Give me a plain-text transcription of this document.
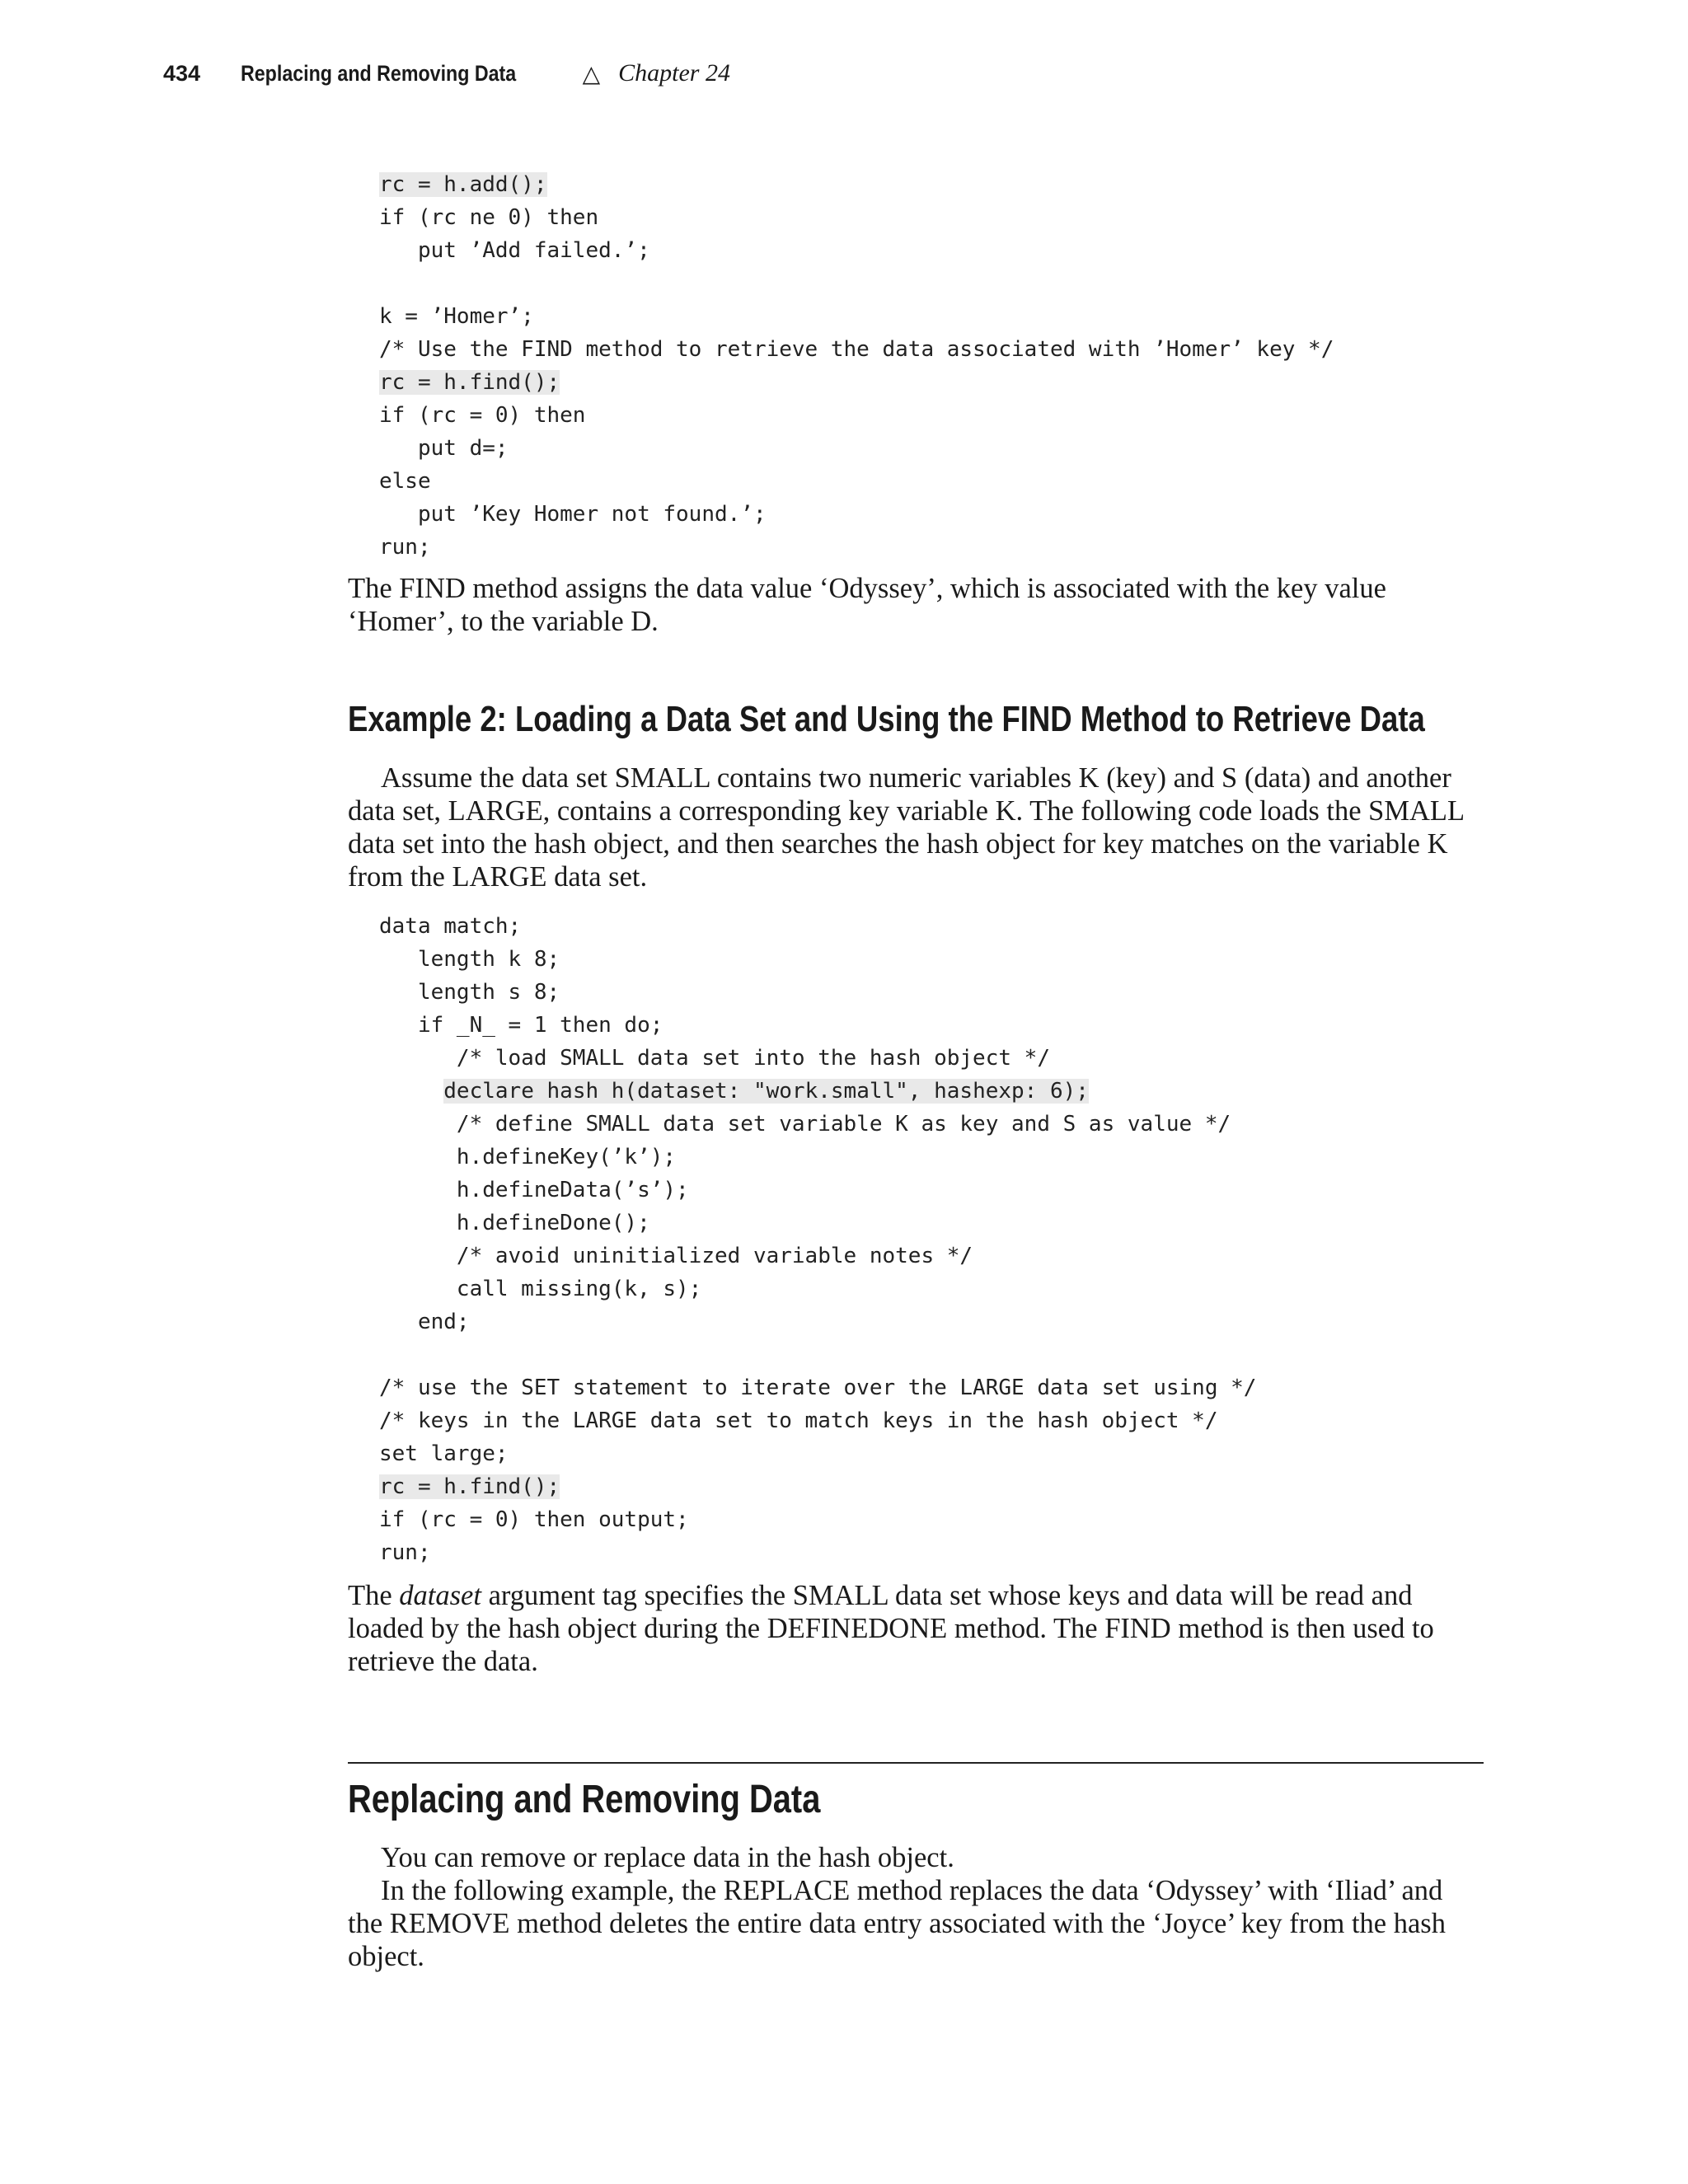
434	Replacing and Removing Data	△ Chapter 24
rc = h.add();
if (rc ne 0) then
put ’Add failed.’;
k = ’Homer’;
/* Use the FIND method to retrieve the data associated with ’Homer’ key */
rc = h.find();
if (rc = 0) then
put d=;
else
put ’Key Homer not found.’;
run;

The FIND method assigns the data value ‘Odyssey’, which is associated with the key value ‘Homer’, to the variable D.

Example 2: Loading a Data Set and Using the FIND Method to Retrieve Data

Assume the data set SMALL contains two numeric variables K (key) and S (data) and another data set, LARGE, contains a corresponding key variable K. The following code loads the SMALL data set into the hash object, and then searches the hash object for key matches on the variable K from the LARGE data set.

data match;
length k 8;
length s 8;
if _N_ = 1 then do;
/* load SMALL data set into the hash object */
declare hash h(dataset: "work.small", hashexp: 6);
/* define SMALL data set variable K as key and S as value */
h.defineKey(’k’);
h.defineData(’s’);
h.defineDone();
/* avoid uninitialized variable notes */
call missing(k, s);
end;
/* use the SET statement to iterate over the LARGE data set using */
/* keys in the LARGE data set to match keys in the hash object */
set large;
rc = h.find();
if (rc = 0) then output;
run;

The dataset argument tag specifies the SMALL data set whose keys and data will be read and loaded by the hash object during the DEFINEDONE method. The FIND method is then used to retrieve the data.

Replacing and Removing Data

You can remove or replace data in the hash object.

In the following example, the REPLACE method replaces the data ‘Odyssey’ with ‘Iliad’ and the REMOVE method deletes the entire data entry associated with the ‘Joyce’ key from the hash object.
